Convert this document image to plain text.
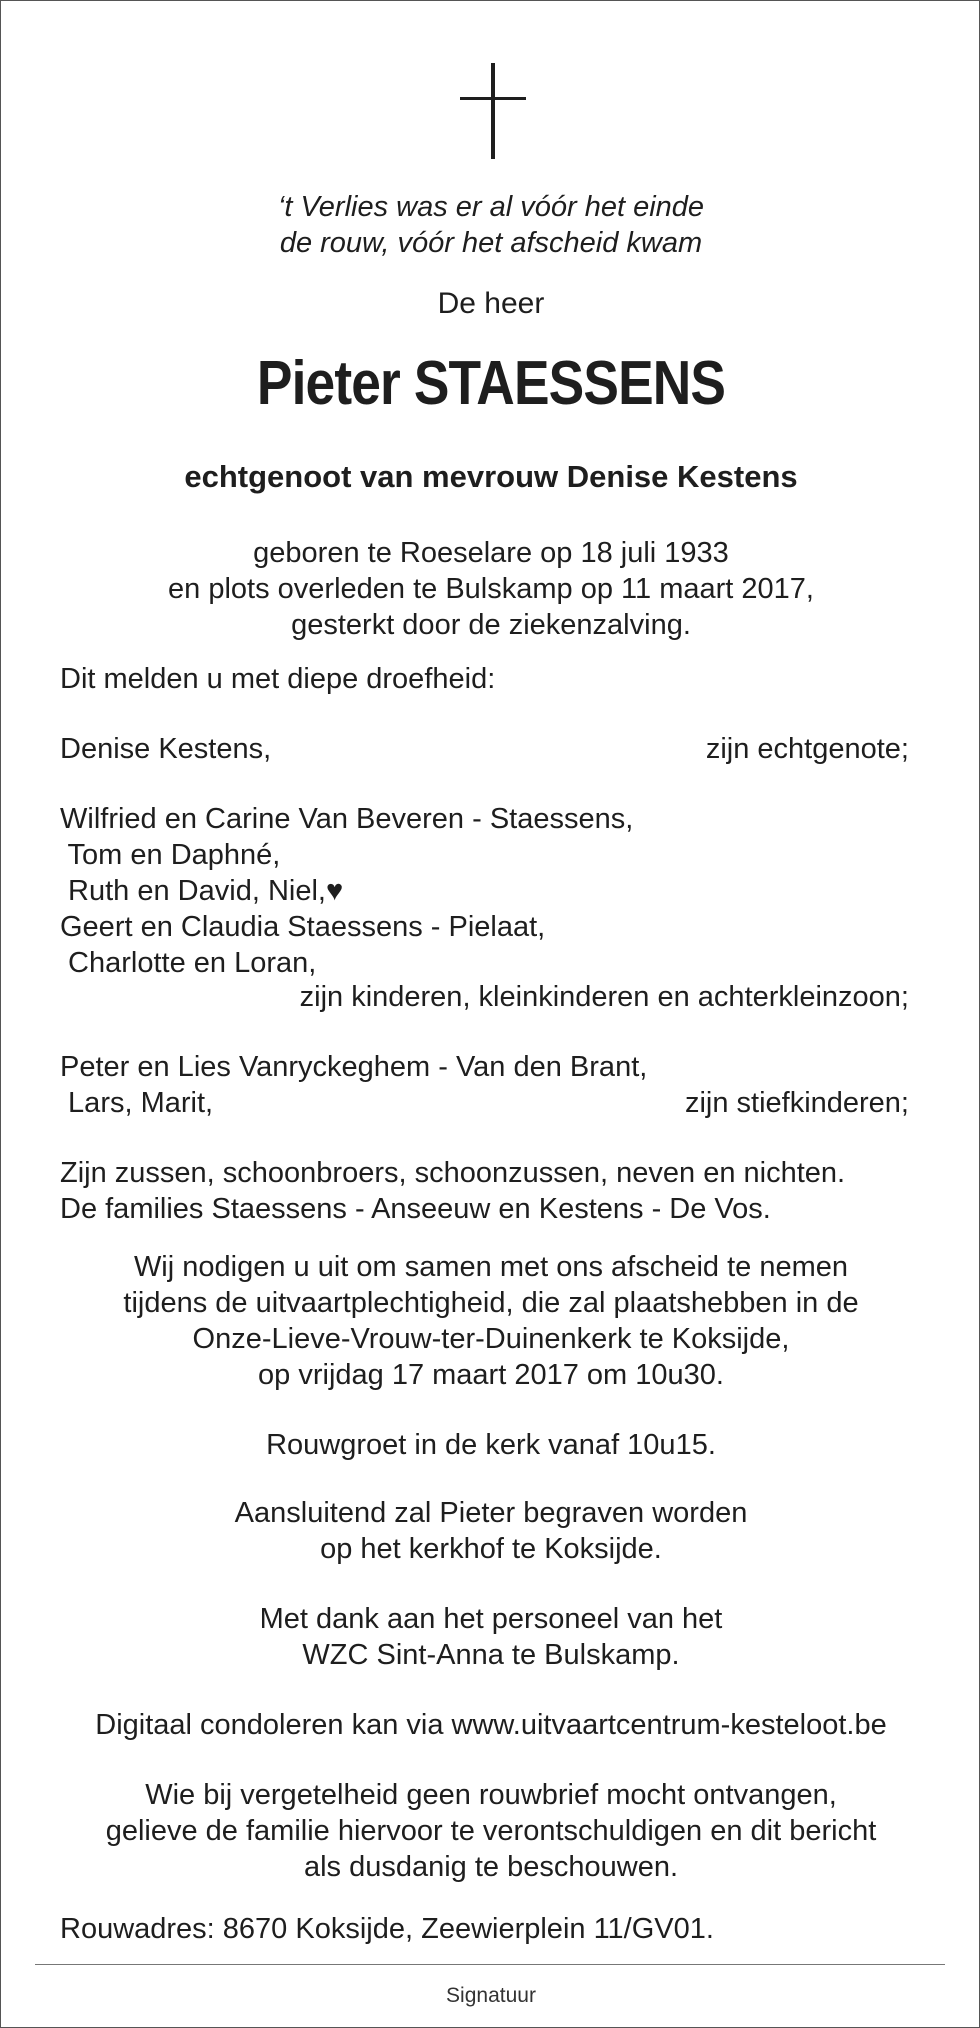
‘t Verlies was er al vóór het einde
de rouw, vóór het afscheid kwam
De heer
Pieter STAESSENS
echtgenoot van mevrouw Denise Kestens
geboren te Roeselare op 18 juli 1933
en plots overleden te Bulskamp op 11 maart 2017,
gesterkt door de ziekenzalving.
Dit melden u met diepe droefheid:
Denise Kestens,	zijn echtgenote;
Wilfried en Carine Van Beveren - Staessens,
Tom en Daphné,
Ruth en David, Niel,♥
Geert en Claudia Staessens - Pielaat,
Charlotte en Loran,
zijn kinderen, kleinkinderen en achterkleinzoon;
Peter en Lies Vanryckeghem - Van den Brant,
Lars, Marit,	zijn stiefkinderen;
Zijn zussen, schoonbroers, schoonzussen, neven en nichten.
De families Staessens - Anseeuw en Kestens - De Vos.
Wij nodigen u uit om samen met ons afscheid te nemen
tijdens de uitvaartplechtigheid, die zal plaatshebben in de
Onze-Lieve-Vrouw-ter-Duinenkerk te Koksijde,
op vrijdag 17 maart 2017 om 10u30.
Rouwgroet in de kerk vanaf 10u15.
Aansluitend zal Pieter begraven worden
op het kerkhof te Koksijde.
Met dank aan het personeel van het
WZC Sint-Anna te Bulskamp.
Digitaal condoleren kan via www.uitvaartcentrum-kesteloot.be
Wie bij vergetelheid geen rouwbrief mocht ontvangen,
gelieve de familie hiervoor te verontschuldigen en dit bericht
als dusdanig te beschouwen.
Rouwadres: 8670 Koksijde, Zeewierplein 11/GV01.
Signatuur
